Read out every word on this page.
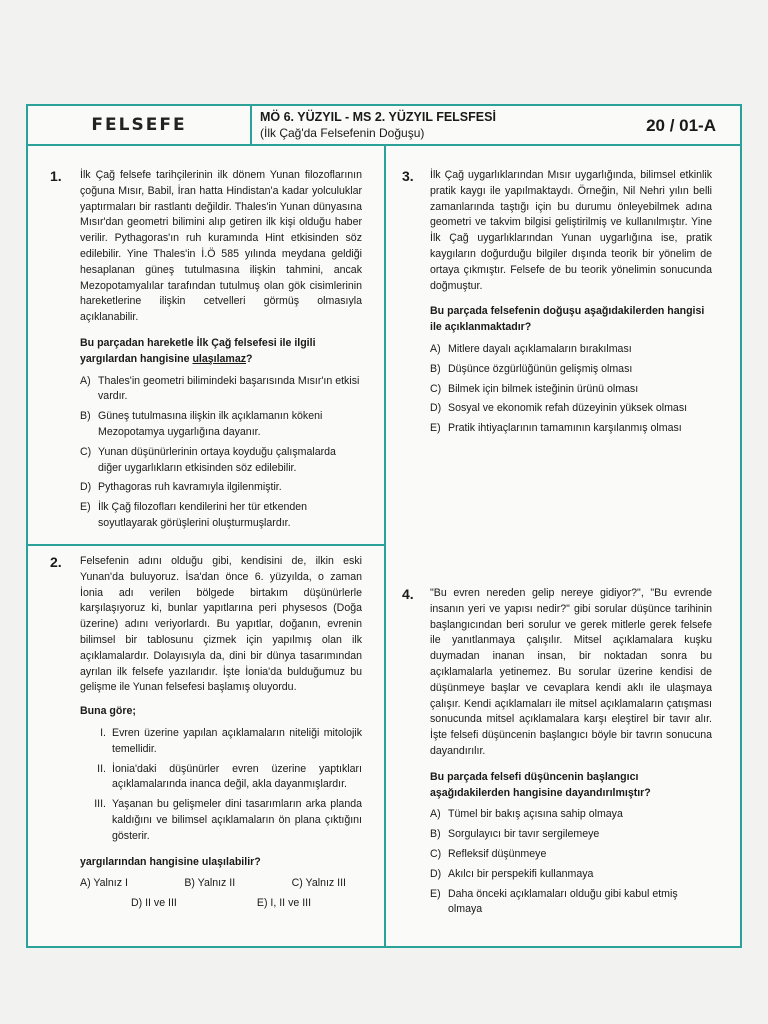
FELSEFE	MÖ 6. YÜZYIL - MS 2. YÜZYIL FELSFESİ
(İlk Çağ'da Felsefenin Doğuşu)	20 / 01-A
1. İlk Çağ felsefe tarihçilerinin ilk dönem Yunan filozoflarının çoğuna Mısır, Babil, İran hatta Hindistan'a kadar yolculuklar yaptırmaları bir rastlantı değildir. Thales'in Yunan dünyasına Mısır'dan geometri bilimini alıp getiren ilk kişi olduğu haber verilir. Pythagoras'ın ruh kuramında Hint etkisinden söz edilebilir. Yine Thales'in İ.Ö 585 yılında meydana geldiği hesaplanan güneş tutulmasına ilişkin tahmini, ancak Mezopotamyalılar tarafından tutulmuş olan gök cisimlerinin hareketlerine ilişkin cetvelleri görmüş olmasıyla açıklanabilir.

Bu parçadan hareketle İlk Çağ felsefesi ile ilgili yargılardan hangisine ulaşılamaz?

A) Thales'in geometri bilimindeki başarısında Mısır'ın etkisi vardır.
B) Güneş tutulmasına ilişkin ilk açıklamanın kökeni Mezopotamya uygarlığına dayanır.
C) Yunan düşünürlerinin ortaya koyduğu çalışmalarda diğer uygarlıkların etkisinden söz edilebilir.
D) Pythagoras ruh kavramıyla ilgilenmiştir.
E) İlk Çağ filozofları kendilerini her tür etkenden soyutlayarak görüşlerini oluşturmuşlardır.
2. Felsefenin adını olduğu gibi, kendisini de, ilkin eski Yunan'da buluyoruz. İsa'dan önce 6. yüzyılda, o zaman İonia adı verilen bölgede birtakım düşünürlerle karşılaşıyoruz ki, bunlar yapıtlarına peri physesos (Doğa üzerine) adını veriyorlardı. Bu yapıtlar, doğanın, evrenin bilimsel bir tablosunu çizmek için yapılmış olan ilk açıklamalardır. Dolayısıyla da, dini bir dünya tasarımından ayrılan ilk felsefe yazılarıdır. İşte İonia'da bulduğumuz bu gelişme ile Yunan felsefesi başlamış oluyordu.

Buna göre;

I. Evren üzerine yapılan açıklamaların niteliği mitolojik temellidir.
II. İonia'daki düşünürler evren üzerine yaptıkları açıklamalarında inanca değil, akla dayanmışlardır.
III. Yaşanan bu gelişmeler dini tasarımların arka planda kaldığını ve bilimsel açıklamaların ön plana çıktığını gösterir.

yargılarından hangisine ulaşılabilir?

A) Yalnız I	B) Yalnız II	C) Yalnız III
D) II ve III	E) I, II ve III
3. İlk Çağ uygarlıklarından Mısır uygarlığında, bilimsel etkinlik pratik kaygı ile yapılmaktaydı. Örneğin, Nil Nehri yılın belli zamanlarında taştığı için bu durumu önleyebilmek adına geometri ve takvim bilgisi geliştirilmiş ve kullanılmıştır. Yine İlk Çağ uygarlıklarından Yunan uygarlığına ise, pratik kaygıların doğurduğu bilgiler dışında teorik bir yönelim de ortaya çıkmıştır. Felsefe de bu teorik yönelimin sonucunda doğmuştur.

Bu parçada felsefenin doğuşu aşağıdakilerden hangisi ile açıklanmaktadır?

A) Mitlere dayalı açıklamaların bırakılması
B) Düşünce özgürlüğünün gelişmiş olması
C) Bilmek için bilmek isteğinin ürünü olması
D) Sosyal ve ekonomik refah düzeyinin yüksek olması
E) Pratik ihtiyaçlarının tamamının karşılanmış olması
4. "Bu evren nereden gelip nereye gidiyor?", "Bu evrende insanın yeri ve yapısı nedir?" gibi sorular düşünce tarihinin başlangıcından beri sorulur ve gerek mitlerle gerek felsefe ile yanıtlanmaya çalışılır. Mitsel açıklamalara kuşku duymadan inanan insan, bir noktadan sonra bu açıklamalarla yetinemez. Bu sorular üzerine kendisi de düşünmeye başlar ve cevaplara kendi aklı ile ulaşmaya çalışır. Kendi açıklamaları ile mitsel açıklamaların çatışması sonucunda mitsel açıklamalara karşı eleştirel bir tavır alır. İşte felsefi düşüncenin başlangıcı böyle bir tavrın sonucuna dayandırılır.

Bu parçada felsefi düşüncenin başlangıcı aşağıdakilerden hangisine dayandırılmıştır?

A) Tümel bir bakış açısına sahip olmaya
B) Sorgulayıcı bir tavır sergilemeye
C) Refleksif düşünmeye
D) Akılcı bir perspekifi kullanmaya
E) Daha önceki açıklamaları olduğu gibi kabul etmiş olmaya
